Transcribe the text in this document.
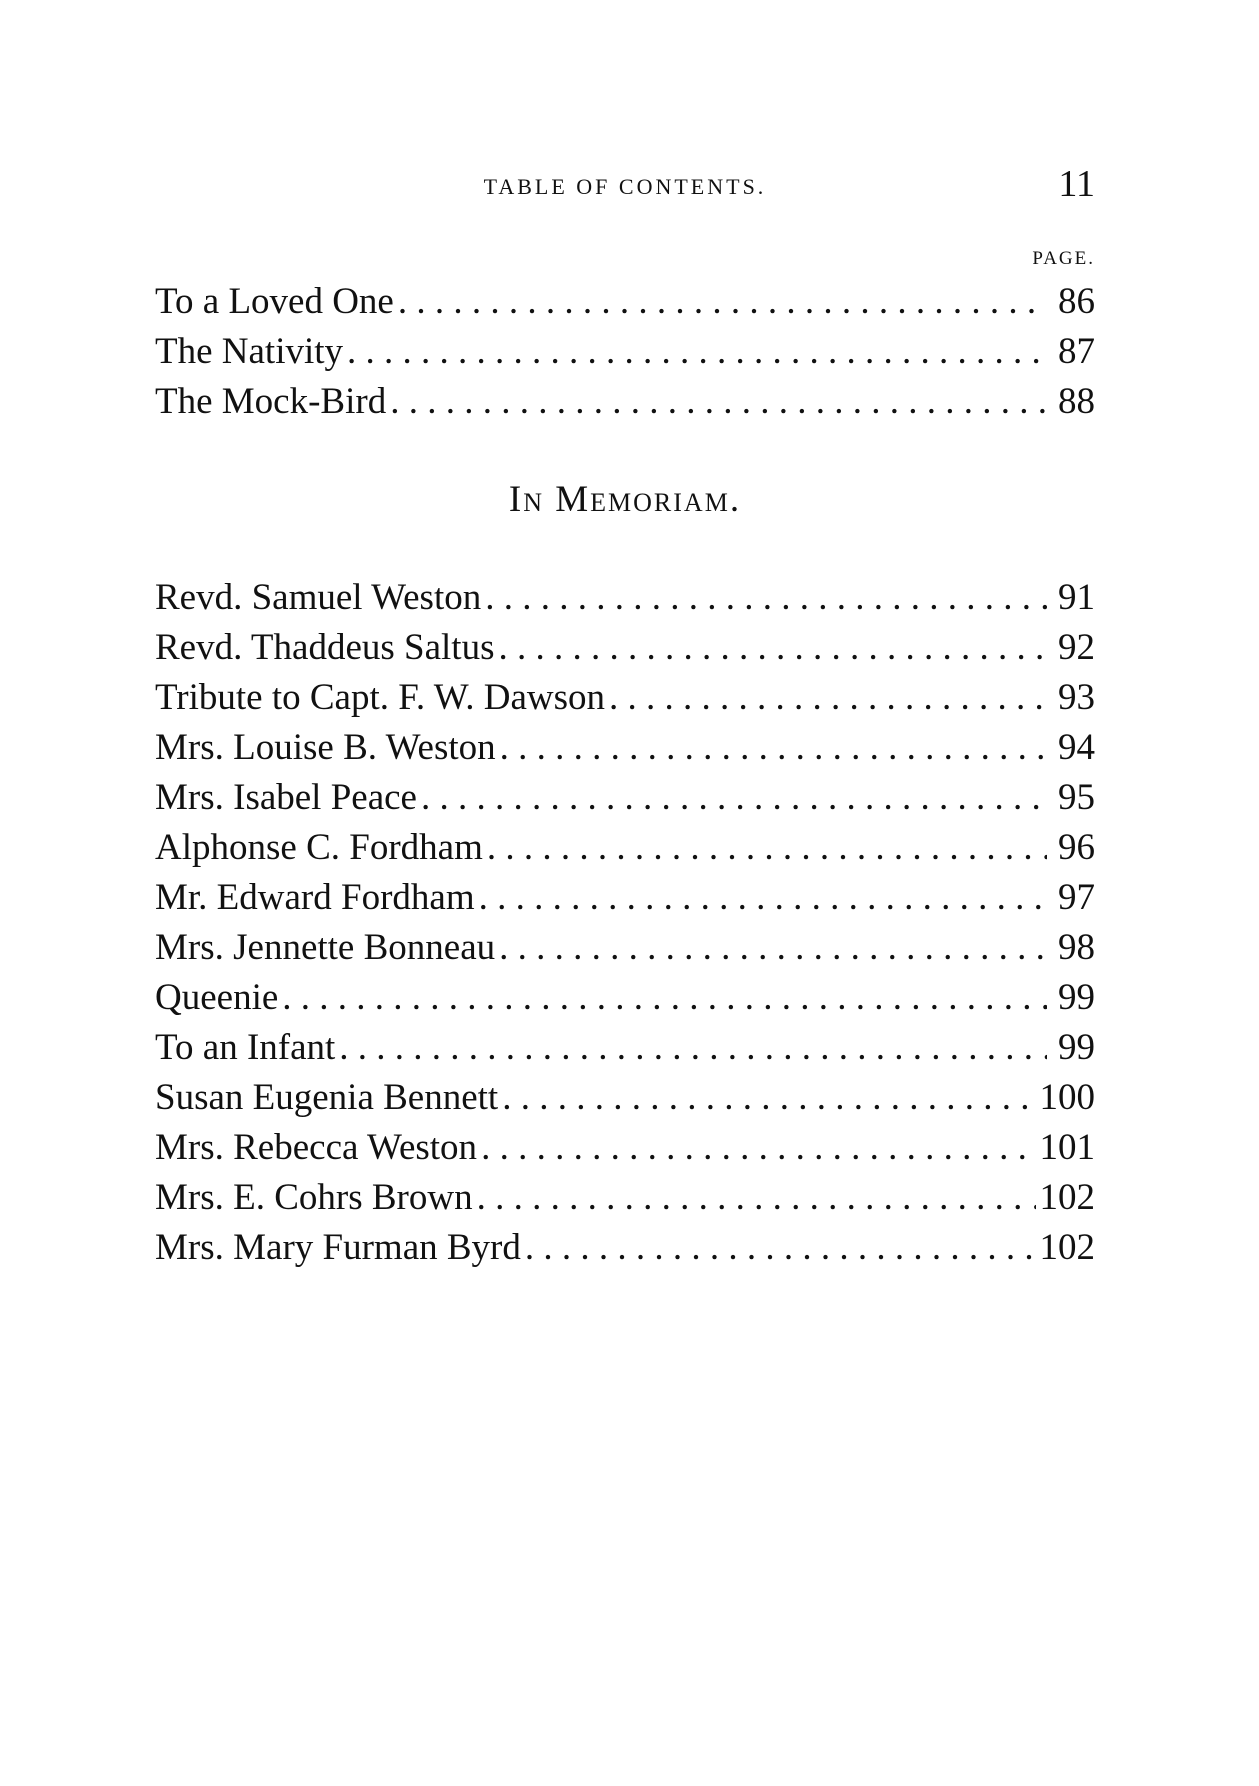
TABLE OF CONTENTS.	11
PAGE.
To a Loved One . . .	86
The Nativity . . .	87
The Mock-Bird . . .	88
In Memoriam.
Revd. Samuel Weston . . .	91
Revd. Thaddeus Saltus . . .	92
Tribute to Capt. F. W. Dawson . . .	93
Mrs. Louise B. Weston . . .	94
Mrs. Isabel Peace . . .	95
Alphonse C. Fordham . . .	96
Mr. Edward Fordham . . .	97
Mrs. Jennette Bonneau . . .	98
Queenie . . .	99
To an Infant . . .	99
Susan Eugenia Bennett . . .	100
Mrs. Rebecca Weston . . .	101
Mrs. E. Cohrs Brown . . .	102
Mrs. Mary Furman Byrd . . .	102
